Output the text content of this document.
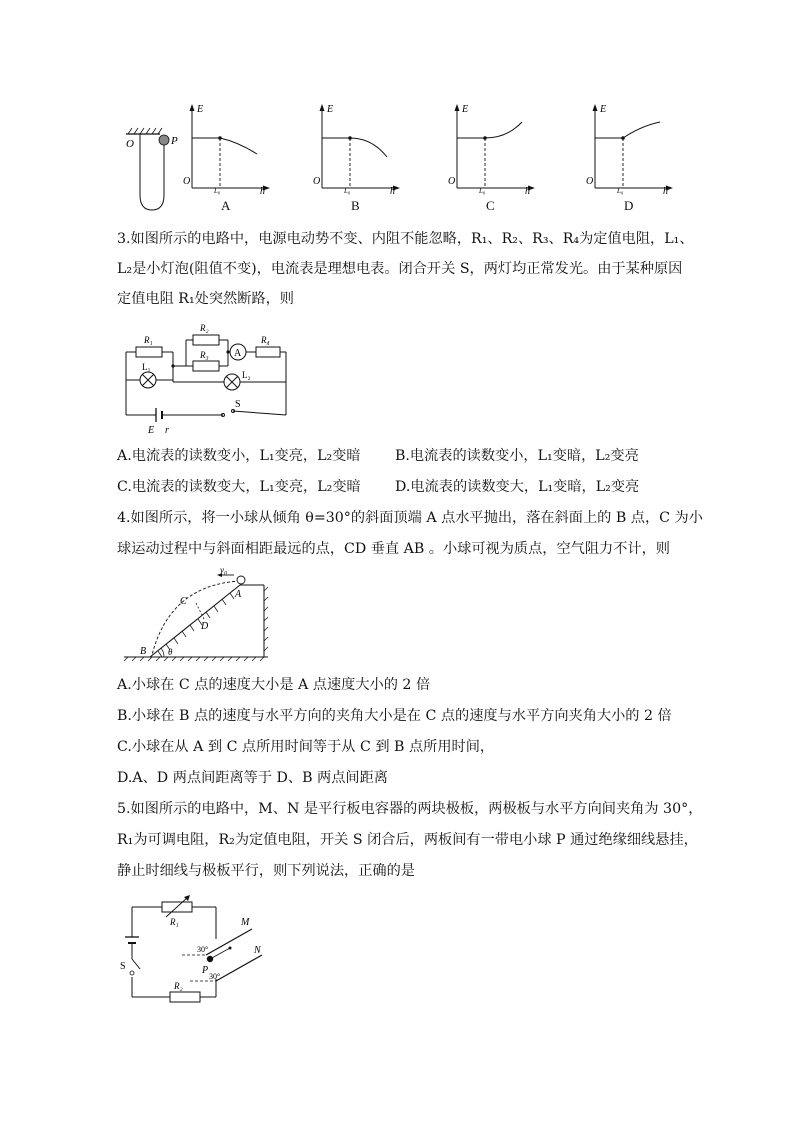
O	P
E
O
h
L₀
E
O
h
L₀
E
O
h
L₀
E
O
h
L₀
A	B	C	D
3.如图所示的电路中，电源电动势不变、内阻不能忽略，R₁、R₂、R₃、R₄为定值电阻，L₁、
L₂是小灯泡(阻值不变)，电流表是理想电表。闭合开关 S，两灯均正常发光。由于某种原因
定值电阻 R₁处突然断路，则
R₁
R₂
R₃
R₄
L₁
L₂
A
E r
S
A.电流表的读数变小，L₁变亮，L₂变暗 B.电流表的读数变小，L₁变暗，L₂变亮
C.电流表的读数变大，L₁变亮，L₂变暗 D.电流表的读数变大，L₁变暗，L₂变亮
4.如图所示，将一小球从倾角 θ=30°的斜面顶端 A 点水平抛出，落在斜面上的 B 点，C 为小
球运动过程中与斜面相距最远的点，CD 垂直 AB 。小球可视为质点，空气阻力不计，则
v₀
A
B
C
D
θ
A.小球在 C 点的速度大小是 A 点速度大小的 2 倍
B.小球在 B 点的速度与水平方向的夹角大小是在 C 点的速度与水平方向夹角大小的 2 倍
C.小球在从 A 到 C 点所用时间等于从 C 到 B 点所用时间，
D.A、D 两点间距离等于 D、B 两点间距离
5.如图所示的电路中，M、N 是平行板电容器的两块极板，两极板与水平方向间夹角为 30°，
R₁为可调电阻，R₂为定值电阻，开关 S 闭合后，两板间有一带电小球 P 通过绝缘细线悬挂，
静止时细线与极板平行，则下列说法，正确的是
R₁
R₂
M
N
P
S
30°
30°
